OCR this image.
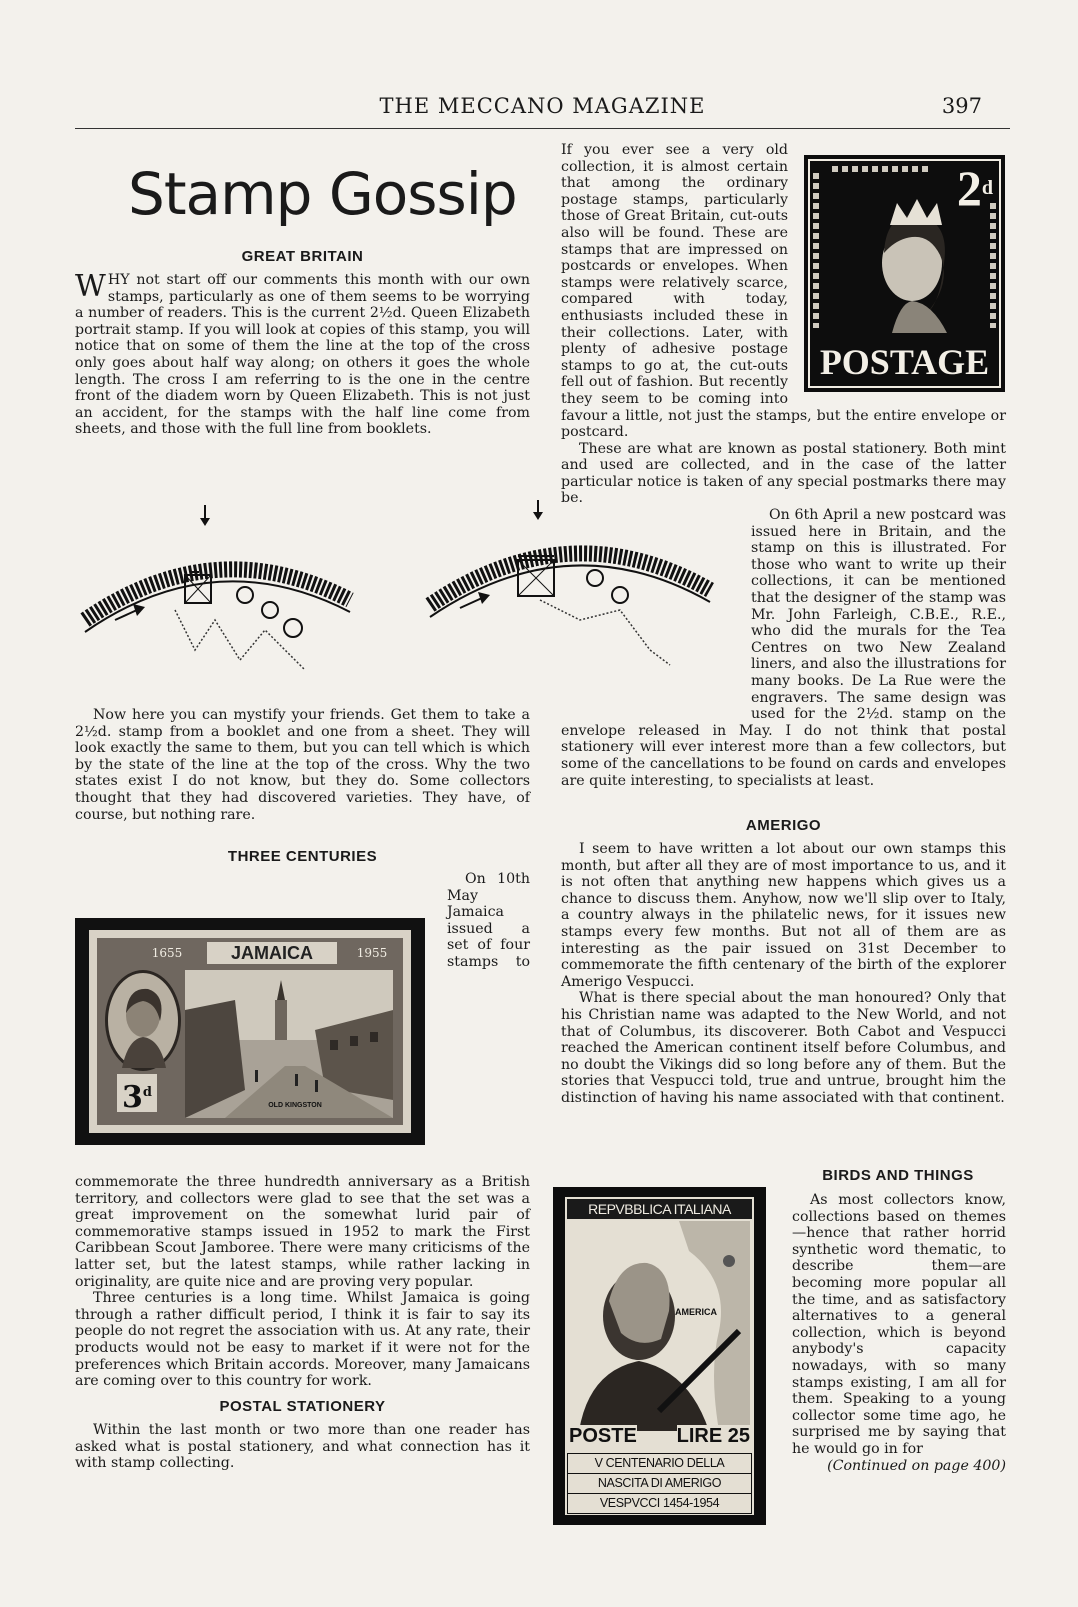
THE MECCANO MAGAZINE	397
Stamp Gossip
GREAT BRITAIN
W HY not start off our comments this month with our own stamps, particularly as one of them seems to be worrying a number of readers. This is the current 2½d. Queen Elizabeth portrait stamp. If you will look at copies of this stamp, you will notice that on some of them the line at the top of the cross only goes about half way along; on others it goes the whole length. The cross I am referring to is the one in the centre front of the diadem worn by Queen Elizabeth. This is not just an accident, for the stamps with the half line come from sheets, and those with the full line from booklets.

Now here you can mystify your friends. Get them to take a 2½d. stamp from a booklet and one from a sheet. They will look exactly the same to them, but you can tell which is which by the state of the line at the top of the cross. Why the two states exist I do not know, but they do. Some collectors thought that they had discovered varieties. They have, of course, but nothing rare.

THREE CENTURIES
1655	JAMAICA	1955
3$^d$
OLD KINGSTON

On 10th May Jamaica issued a set of four stamps to commemorate the three hundredth anniversary as a British territory, and collectors were glad to see that the set was a great improvement on the somewhat lurid pair of commemorative stamps issued in 1952 to mark the First Caribbean Scout Jamboree. There were many criticisms of the latter set, but the latest stamps, while rather lacking in originality, are quite nice and are proving very popular.

Three centuries is a long time. Whilst Jamaica is going through a rather difficult period, I think it is fair to say its people do not regret the association with us. At any rate, their products would not be easy to market if it were not for the preferences which Britain accords. Moreover, many Jamaicans are coming over to this country for work.

POSTAL STATIONERY

Within the last month or two more than one reader has asked what is postal stationery, and what connection has it with stamp collecting.

2$^d$
POSTAGE

If you ever see a very old collection, it is almost certain that among the ordinary postage stamps, particularly those of Great Britain, cut-outs also will be found. These are stamps that are impressed on postcards or envelopes. When stamps were relatively scarce, compared with today, enthusiasts included these in their collections. Later, with plenty of adhesive postage stamps to go at, the cut-outs fell out of fashion. But recently they seem to be coming into favour a little, not just the stamps, but the entire envelope or postcard.

These are what are known as postal stationery. Both mint and used are collected, and in the case of the latter particular notice is taken of any special postmarks there may be.

On 6th April a new postcard was issued here in Britain, and the stamp on this is illustrated. For those who want to write up their collections, it can be mentioned that the designer of the stamp was Mr. John Farleigh, C.B.E., R.E., who did the murals for the Tea Centres on two New Zealand liners, and also the illustrations for many books. De La Rue were the engravers. The same design was used for the 2½d. stamp on the envelope released in May. I do not think that postal stationery will ever interest more than a few collectors, but some of the cancellations to be found on cards and envelopes are quite interesting, to specialists at least.

AMERIGO

I seem to have written a lot about our own stamps this month, but after all they are of most importance to us, and it is not often that anything new happens which gives us a chance to discuss them. Anyhow, now we'll slip over to Italy, a country always in the philatelic news, for it issues new stamps every few months. But not all of them are as interesting as the pair issued on 31st December to commemorate the fifth centenary of the birth of the explorer Amerigo Vespucci.

What is there special about the man honoured? Only that his Christian name was adapted to the New World, and not that of Columbus, its discoverer. Both Cabot and Vespucci reached the American continent itself before Columbus, and no doubt the Vikings did so long before any of them. But the stories that Vespucci told, true and untrue, brought him the distinction of having his name associated with that continent.

REPVBBLICA ITALIANA
AMERICA
POSTE LIRE 25
V CENTENARIO DELLA
NASCITA DI AMERIGO
VESPVCCI 1454-1954
BIRDS AND THINGS

As most collectors know, collections based on themes—hence that rather horrid synthetic word thematic, to describe them—are becoming more popular all the time, and as satisfactory alternatives to a general collection, which is beyond anybody's capacity nowadays, with so many stamps existing, I am all for them. Speaking to a young collector some time ago, he surprised me by saying that he would go in for

(Continued on page 400)
